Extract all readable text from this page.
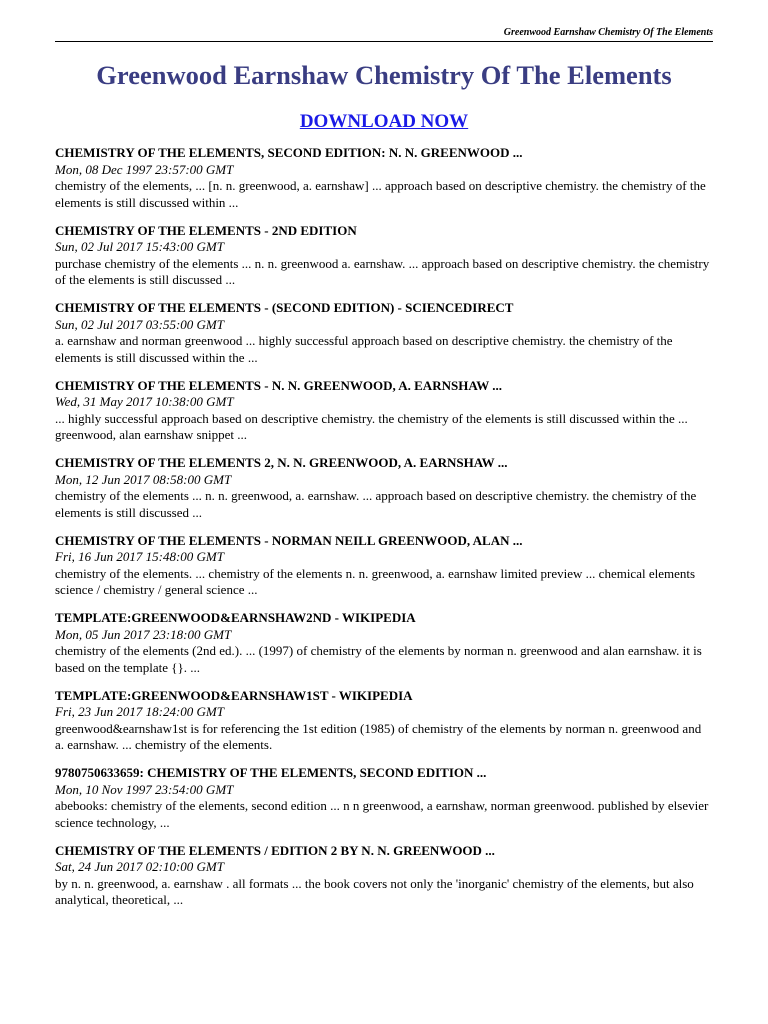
Greenwood Earnshaw Chemistry Of The Elements
Greenwood Earnshaw Chemistry Of The Elements
DOWNLOAD NOW
CHEMISTRY OF THE ELEMENTS, SECOND EDITION: N. N. GREENWOOD ...
Mon, 08 Dec 1997 23:57:00 GMT
chemistry of the elements, ... [n. n. greenwood, a. earnshaw] ... approach based on descriptive chemistry. the chemistry of the elements is still discussed within ...
CHEMISTRY OF THE ELEMENTS - 2ND EDITION
Sun, 02 Jul 2017 15:43:00 GMT
purchase chemistry of the elements ... n. n. greenwood a. earnshaw. ... approach based on descriptive chemistry. the chemistry of the elements is still discussed ...
CHEMISTRY OF THE ELEMENTS - (SECOND EDITION) - SCIENCEDIRECT
Sun, 02 Jul 2017 03:55:00 GMT
a. earnshaw and norman greenwood ... highly successful approach based on descriptive chemistry. the chemistry of the elements is still discussed within the ...
CHEMISTRY OF THE ELEMENTS - N. N. GREENWOOD, A. EARNSHAW ...
Wed, 31 May 2017 10:38:00 GMT
... highly successful approach based on descriptive chemistry. the chemistry of the elements is still discussed within the ... greenwood, alan earnshaw snippet ...
CHEMISTRY OF THE ELEMENTS 2, N. N. GREENWOOD, A. EARNSHAW ...
Mon, 12 Jun 2017 08:58:00 GMT
chemistry of the elements ... n. n. greenwood, a. earnshaw. ... approach based on descriptive chemistry. the chemistry of the elements is still discussed ...
CHEMISTRY OF THE ELEMENTS - NORMAN NEILL GREENWOOD, ALAN ...
Fri, 16 Jun 2017 15:48:00 GMT
chemistry of the elements. ... chemistry of the elements n. n. greenwood, a. earnshaw limited preview ... chemical elements science / chemistry / general science ...
TEMPLATE:GREENWOOD&EARNSHAW2ND - WIKIPEDIA
Mon, 05 Jun 2017 23:18:00 GMT
chemistry of the elements (2nd ed.). ... (1997) of chemistry of the elements by norman n. greenwood and alan earnshaw. it is based on the template {}. ...
TEMPLATE:GREENWOOD&EARNSHAW1ST - WIKIPEDIA
Fri, 23 Jun 2017 18:24:00 GMT
greenwood&earnshaw1st is for referencing the 1st edition (1985) of chemistry of the elements by norman n. greenwood and a. earnshaw. ... chemistry of the elements.
9780750633659: CHEMISTRY OF THE ELEMENTS, SECOND EDITION ...
Mon, 10 Nov 1997 23:54:00 GMT
abebooks: chemistry of the elements, second edition ... n n greenwood, a earnshaw, norman greenwood. published by elsevier science technology, ...
CHEMISTRY OF THE ELEMENTS / EDITION 2 BY N. N. GREENWOOD ...
Sat, 24 Jun 2017 02:10:00 GMT
by n. n. greenwood, a. earnshaw . all formats ... the book covers not only the 'inorganic' chemistry of the elements, but also analytical, theoretical, ...
